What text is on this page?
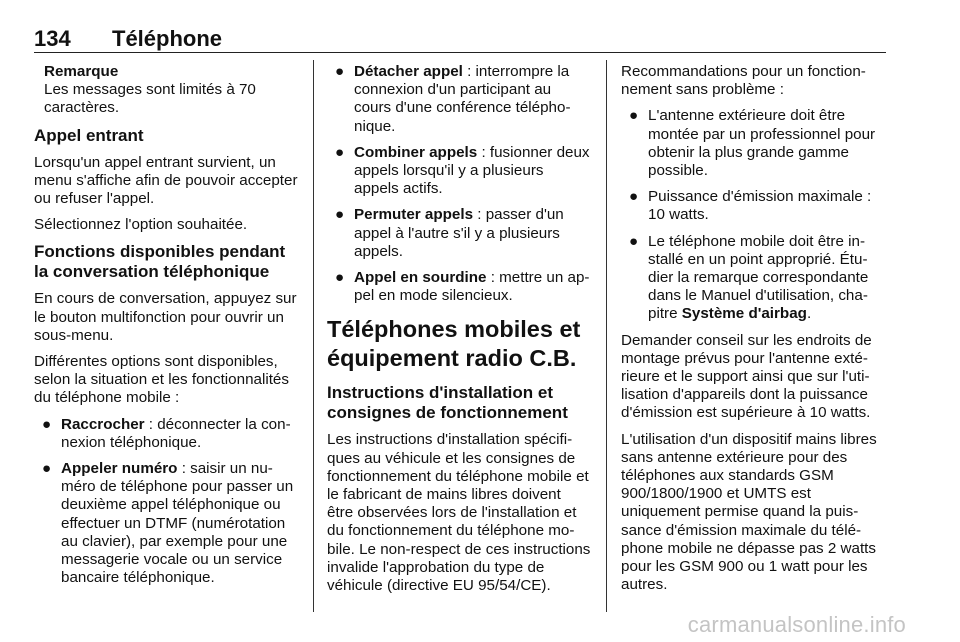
134 Téléphone
Remarque
Les messages sont limités à 70 caractères.
Appel entrant

Lorsqu'un appel entrant survient, un menu s'affiche afin de pouvoir accepter ou refuser l'appel.

Sélectionnez l'option souhaitée.

Fonctions disponibles pendant la conversation téléphonique

En cours de conversation, appuyez sur le bouton multifonction pour ouvrir un sous-menu.

Différentes options sont disponibles, selon la situation et les fonctionnalités du téléphone mobile :

● Raccrocher : déconnecter la connexion téléphonique.
● Appeler numéro : saisir un numéro de téléphone pour passer un deuxième appel téléphonique ou effectuer un DTMF (numérotation au clavier), par exemple pour une messagerie vocale ou un service bancaire téléphonique.
● Détacher appel : interrompre la connexion d'un participant au cours d'une conférence téléphonique.
● Combiner appels : fusionner deux appels lorsqu'il y a plusieurs appels actifs.
● Permuter appels : passer d'un appel à l'autre s'il y a plusieurs appels.
● Appel en sourdine : mettre un appel en mode silencieux.
Téléphones mobiles et équipement radio C.B.
Instructions d'installation et consignes de fonctionnement

Les instructions d'installation spécifiques au véhicule et les consignes de fonctionnement du téléphone mobile et le fabricant de mains libres doivent être observées lors de l'installation et du fonctionnement du téléphone mobile. Le non-respect de ces instructions invalide l'approbation du type de véhicule (directive EU 95/54/CE).

Recommandations pour un fonctionnement sans problème :

● L'antenne extérieure doit être montée par un professionnel pour obtenir la plus grande gamme possible.
● Puissance d'émission maximale : 10 watts.
● Le téléphone mobile doit être installé en un point approprié. Étudier la remarque correspondante dans le Manuel d'utilisation, chapitre Système d'airbag.

Demander conseil sur les endroits de montage prévus pour l'antenne extérieure et le support ainsi que sur l'utilisation d'appareils dont la puissance d'émission est supérieure à 10 watts.

L'utilisation d'un dispositif mains libres sans antenne extérieure pour des téléphones aux standards GSM 900/1800/1900 et UMTS est uniquement permise quand la puissance d'émission maximale du téléphone mobile ne dépasse pas 2 watts pour les GSM 900 ou 1 watt pour les autres.

carmanualsonline.info
